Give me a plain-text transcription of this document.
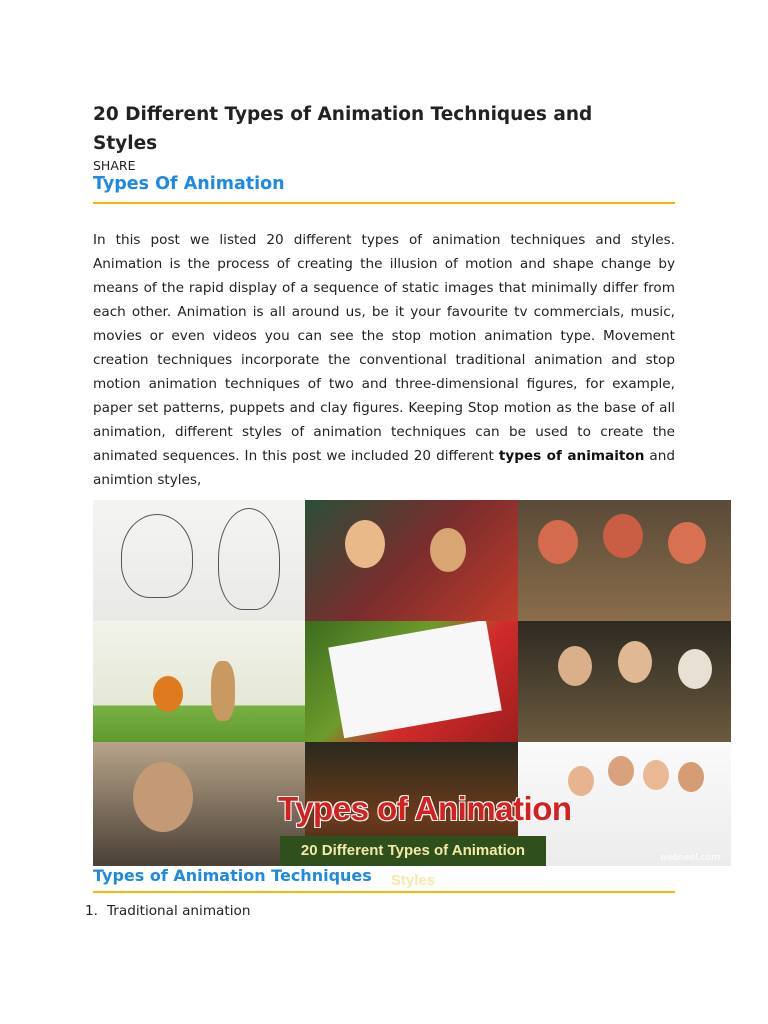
20 Different Types of Animation Techniques and Styles
SHARE
Types Of Animation

In this post we listed 20 different types of animation techniques and styles. Animation is the process of creating the illusion of motion and shape change by means of the rapid display of a sequence of static images that minimally differ from each other. Animation is all around us, be it your favourite tv commercials, music, movies or even videos you can see the stop motion animation type. Movement creation techniques incorporate the conventional traditional animation and stop motion animation techniques of two and three-dimensional figures, for example, paper set patterns, puppets and clay figures. Keeping Stop motion as the base of all animation, different styles of animation techniques can be used to create the animated sequences. In this post we included 20 different types of animaiton and animtion styles,

Types of Animation
20 Different Types of Animation Styles
webneel.com
Types of Animation Techniques
1. Traditional animation
